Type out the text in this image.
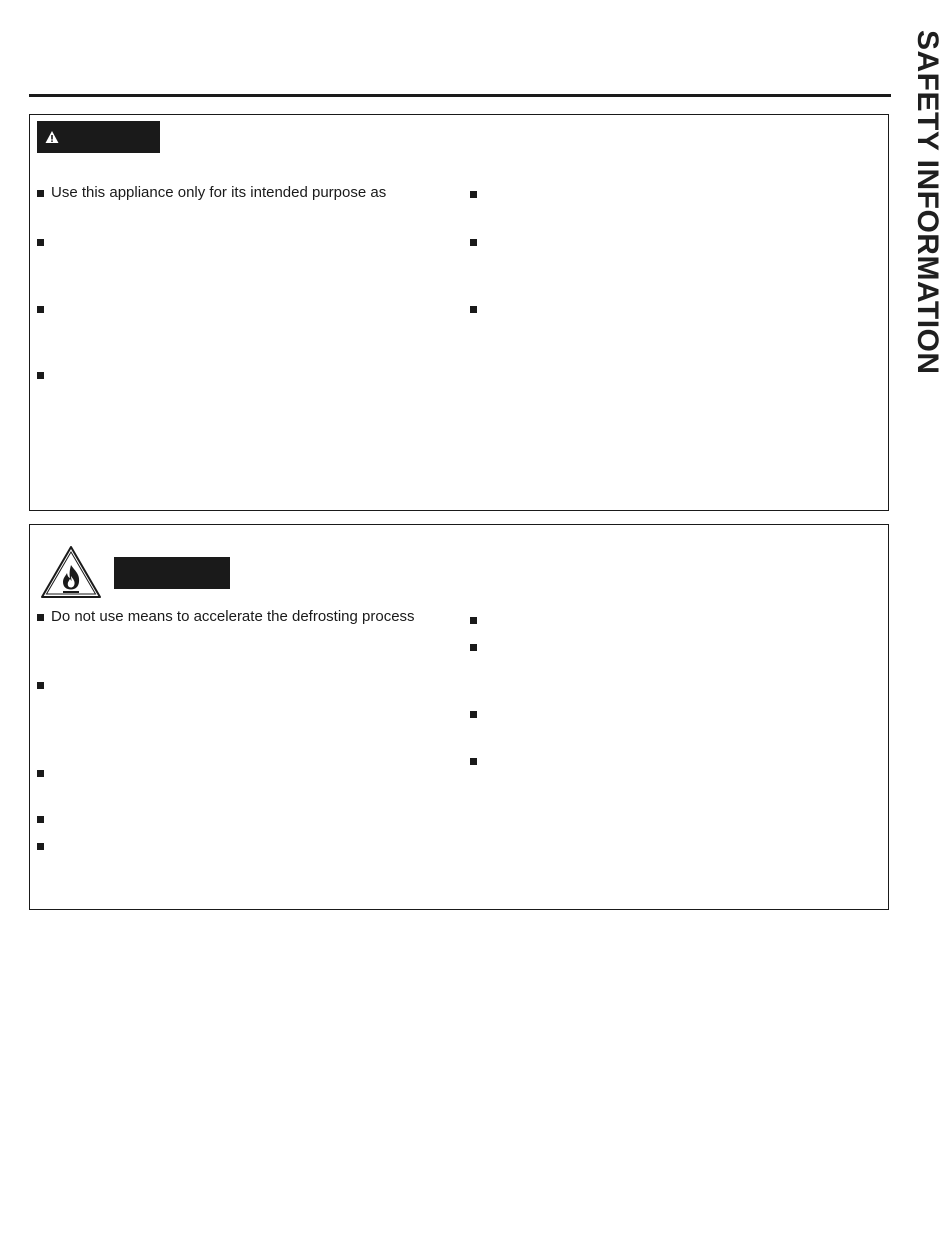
SAFETY INFORMATION
Use this appliance only for its intended purpose as
Do not use means to accelerate the defrosting process
